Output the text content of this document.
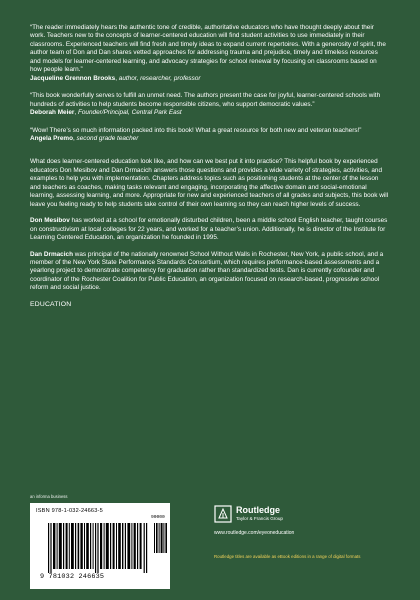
“The reader immediately hears the authentic tone of credible, authoritative educators who have thought deeply about their work. Teachers new to the concepts of learner-centered education will find student activities to use immediately in their classrooms. Experienced teachers will find fresh and timely ideas to expand current repertoires. With a generosity of spirit, the author team of Don and Dan shares vetted approaches for addressing trauma and prejudice, timely and timeless resources and models for learner-centered learning, and advocacy strategies for school renewal by focusing on classrooms based on how people learn.”
Jacqueline Grennon Brooks, author, researcher, professor
“This book wonderfully serves to fulfill an unmet need. The authors present the case for joyful, learner-centered schools with hundreds of activities to help students become responsible citizens, who support democratic values.”
Deborah Meier, Founder/Principal, Central Park East
“Wow! There’s so much information packed into this book! What a great resource for both new and veteran teachers!”
Angela Premo, second grade teacher

What does learner-centered education look like, and how can we best put it into practice? This helpful book by experienced educators Don Mesibov and Dan Drmacich answers those questions and provides a wide variety of strategies, activities, and examples to help you with implementation. Chapters address topics such as positioning students at the center of the lesson and teachers as coaches, making tasks relevant and engaging, incorporating the affective domain and social-emotional learning, assessing learning, and more. Appropriate for new and experienced teachers of all grades and subjects, this book will leave you feeling ready to help students take control of their own learning so they can reach higher levels of success.

Don Mesibov has worked at a school for emotionally disturbed children, been a middle school English teacher, taught courses on constructivism at local colleges for 22 years, and worked for a teacher’s union. Additionally, he is director of the Institute for Learning Centered Education, an organization he founded in 1995.

Dan Drmacich was principal of the nationally renowned School Without Walls in Rochester, New York, a public school, and a member of the New York State Performance Standards Consortium, which requires performance-based assessments and a yearlong project to demonstrate competency for graduation rather than standardized tests. Dan is currently cofounder and coordinator of the Rochester Coalition for Public Education, an organization focused on research-based, progressive school reform and social justice.

EDUCATION
an informa business
ISBN 978-1-032-24663-5
90000
9 781032 246635
Routledge
Taylor & Francis Group
www.routledge.com/eyeoneducation
Routledge titles are available as eBook editions in a range of digital formats
